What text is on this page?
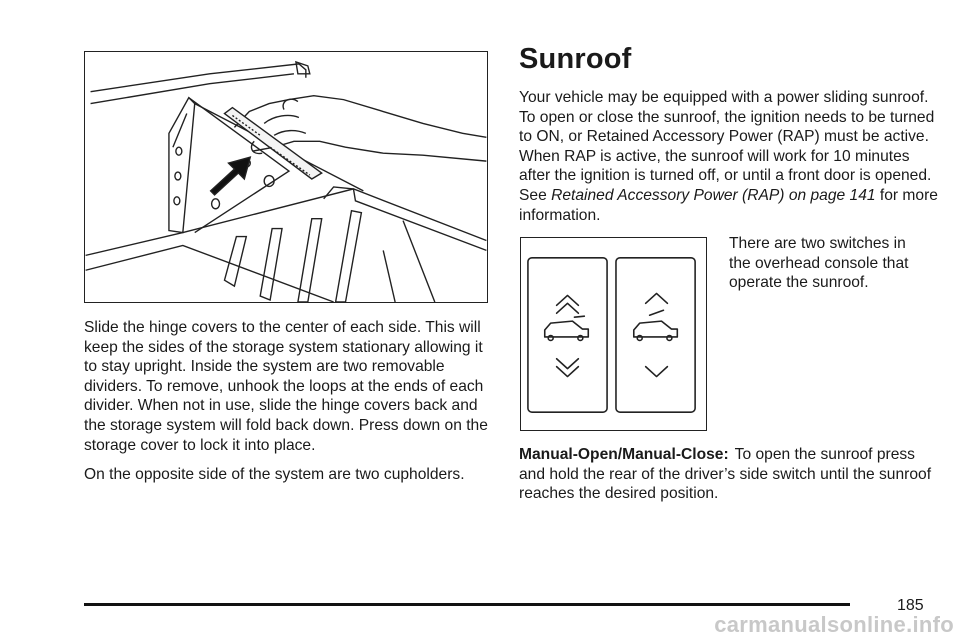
Slide the hinge covers to the center of each side. This will keep the sides of the storage system stationary allowing it to stay upright. Inside the system are two removable dividers. To remove, unhook the loops at the ends of each divider. When not in use, slide the hinge covers back and the storage system will fold back down. Press down on the storage cover to lock it into place.

On the opposite side of the system are two cupholders.

Sunroof

Your vehicle may be equipped with a power sliding sunroof. To open or close the sunroof, the ignition needs to be turned to ON, or Retained Accessory Power (RAP) must be active.

When RAP is active, the sunroof will work for 10 minutes after the ignition is turned off, or until a front door is opened. See Retained Accessory Power (RAP) on page 141 for more information.

There are two switches in the overhead console that operate the sunroof.

Manual-Open/Manual-Close: To open the sunroof press and hold the rear of the driver’s side switch until the sunroof reaches the desired position.

185
carmanualsonline.info
